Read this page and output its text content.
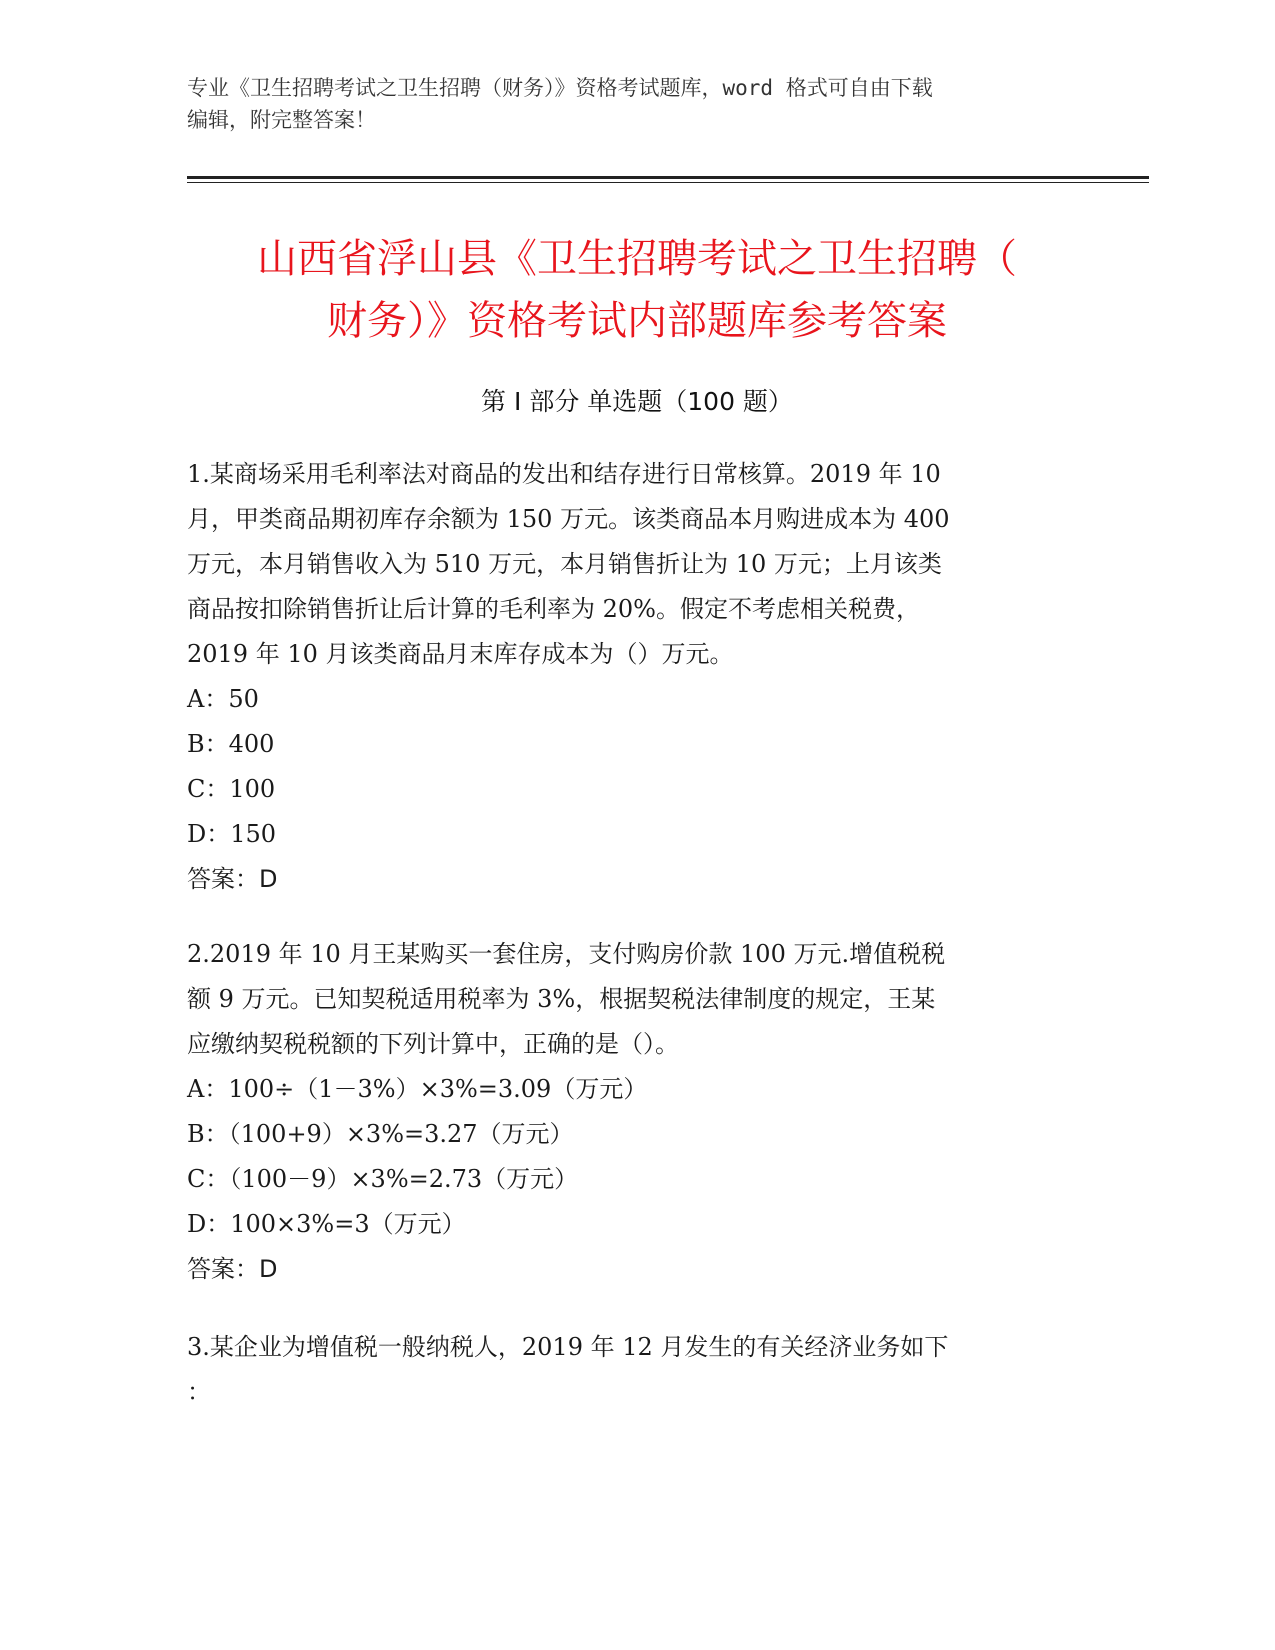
专业《卫生招聘考试之卫生招聘（财务）》资格考试题库，word 格式可自由下载
编辑，附完整答案！
山西省浮山县《卫生招聘考试之卫生招聘（
财务）》资格考试内部题库参考答案
第 I 部分 单选题（100 题）
1.某商场采用毛利率法对商品的发出和结存进行日常核算。2019 年 10
月，甲类商品期初库存余额为 150 万元。该类商品本月购进成本为 400
万元，本月销售收入为 510 万元，本月销售折让为 10 万元；上月该类
商品按扣除销售折让后计算的毛利率为 20%。假定不考虑相关税费，
2019 年 10 月该类商品月末库存成本为（）万元。
A：50
B：400
C：100
D：150
答案：D
2.2019 年 10 月王某购买一套住房，支付购房价款 100 万元.增值税税
额 9 万元。已知契税适用税率为 3%，根据契税法律制度的规定，王某
应缴纳契税税额的下列计算中，正确的是（）。
A：100÷（1－3%）×3%=3.09（万元）
B：（100+9）×3%=3.27（万元）
C：（100－9）×3%=2.73（万元）
D：100×3%=3（万元）
答案：D
3.某企业为增值税一般纳税人，2019 年 12 月发生的有关经济业务如下
：
